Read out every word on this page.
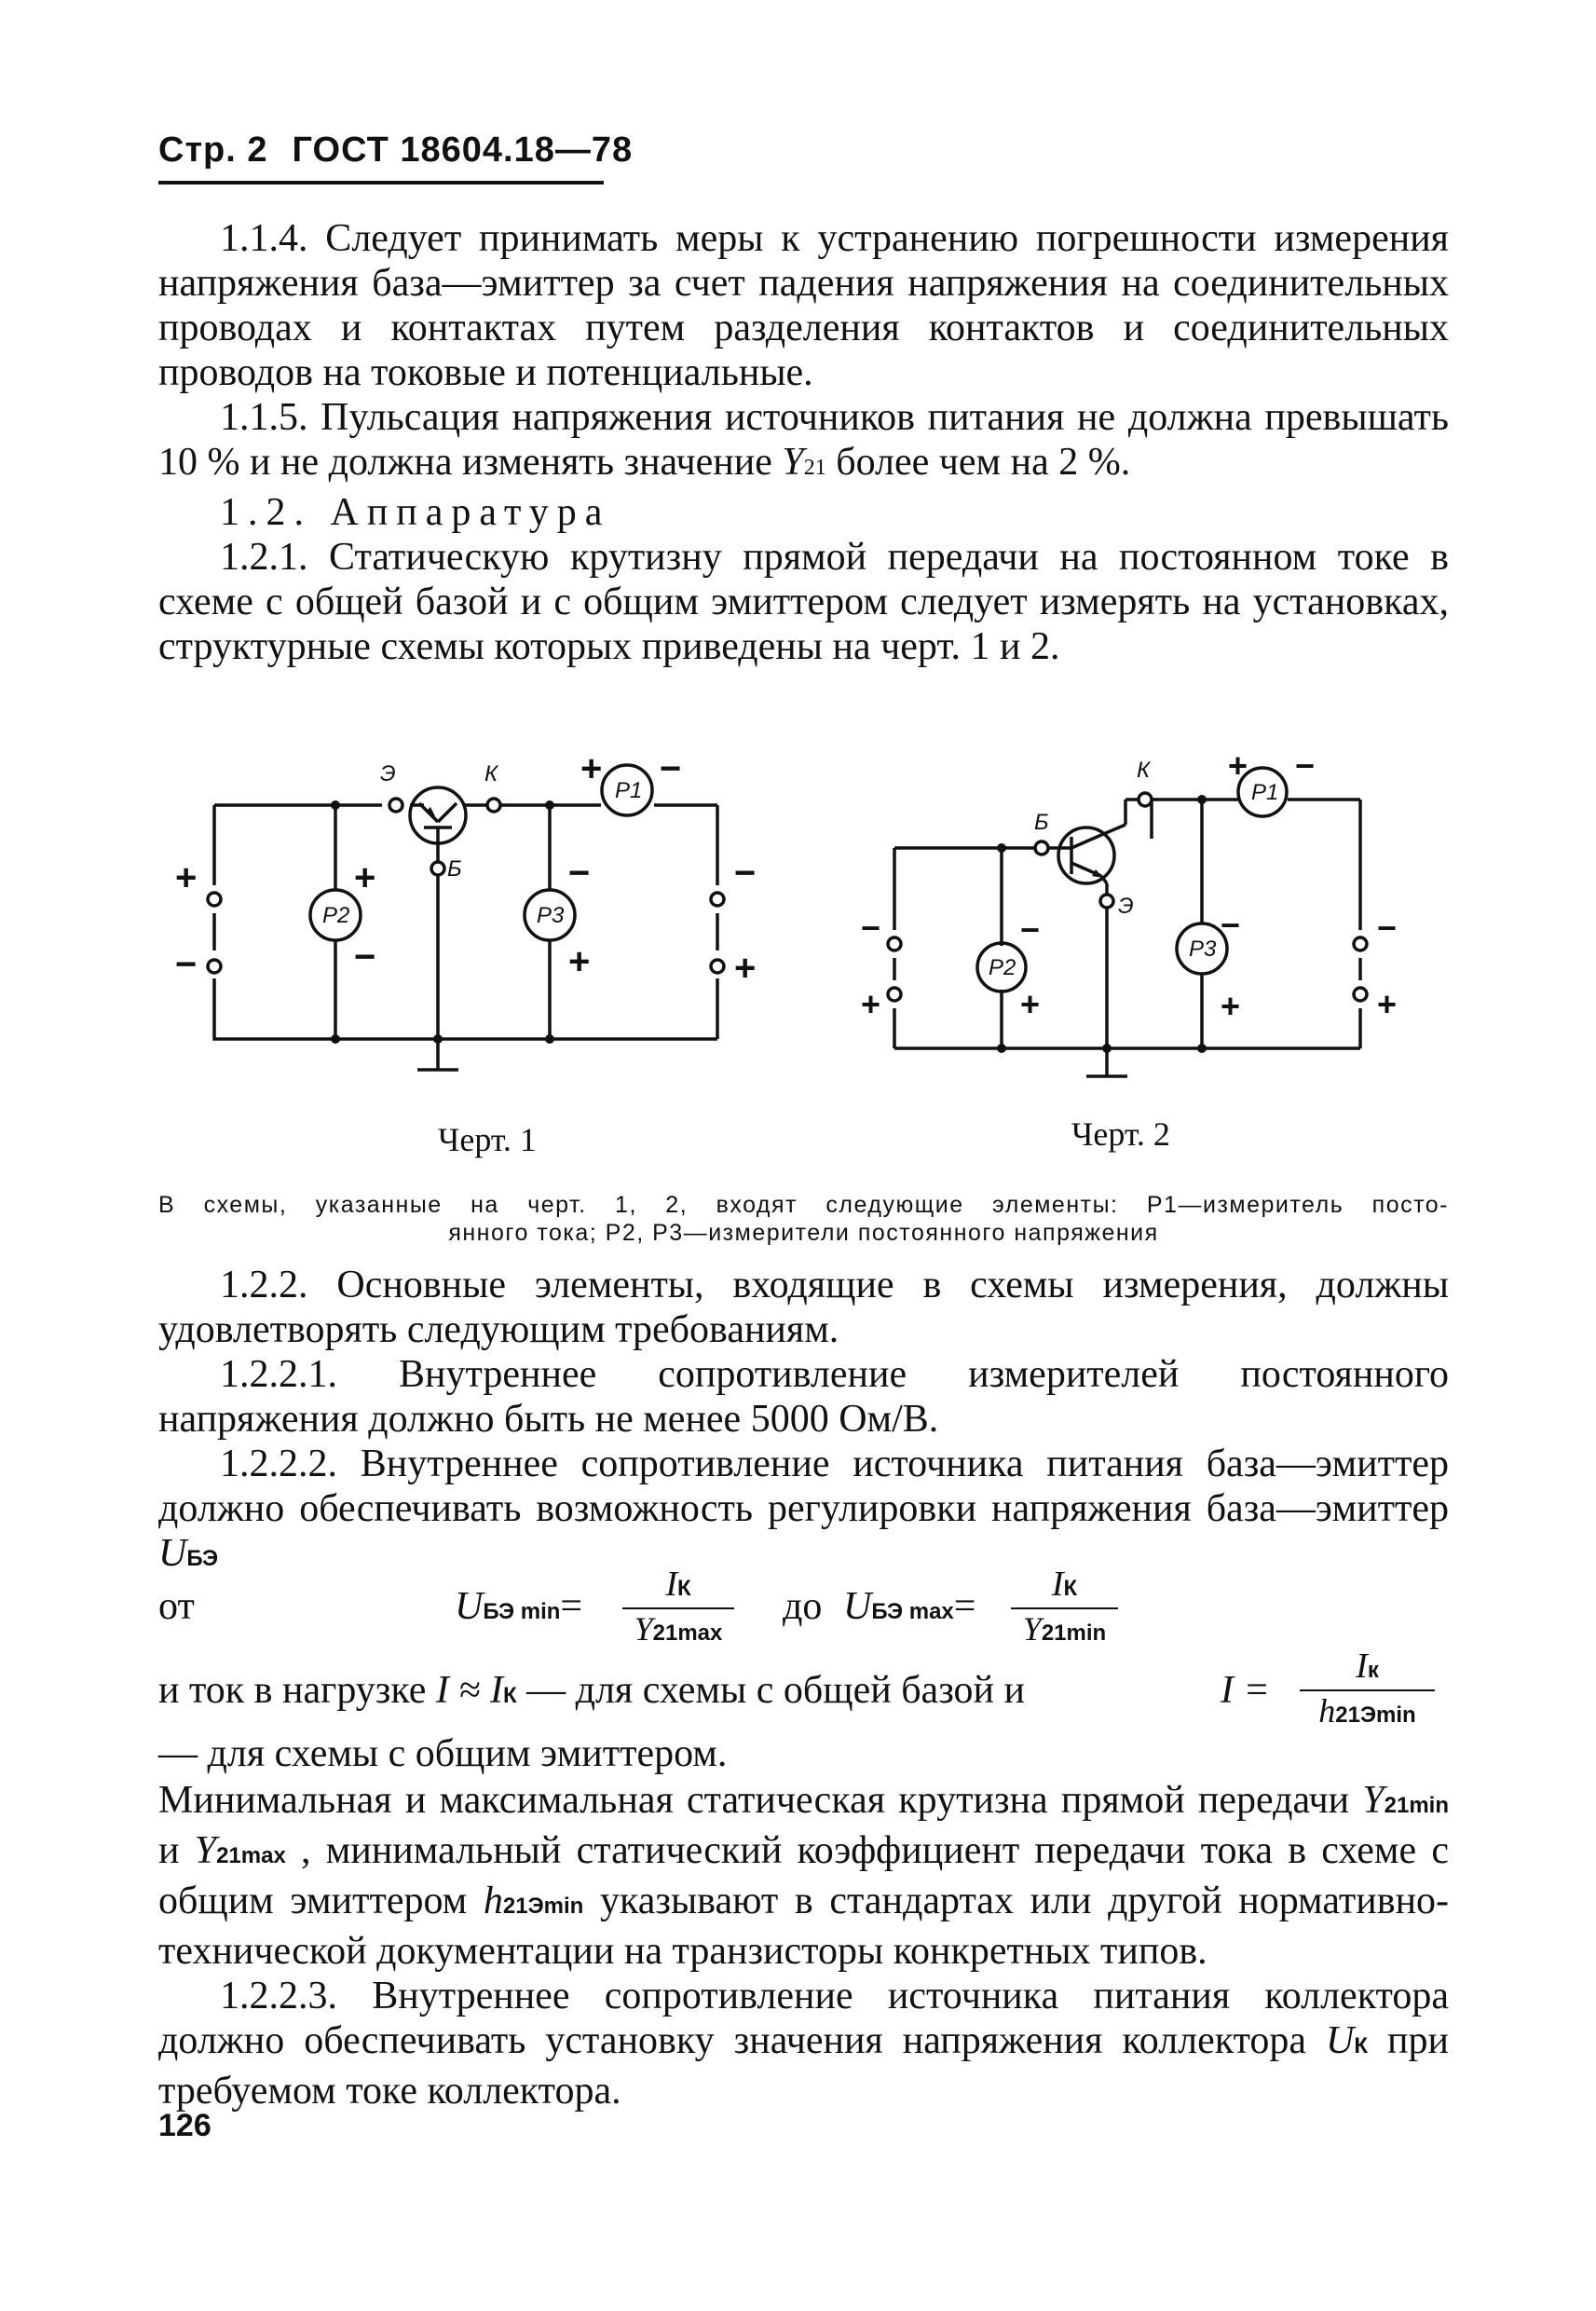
Стр. 2 ГОСТ 18604.18—78

1.1.4. Следует принимать меры к устранению погрешности измерения напряжения база—эмиттер за счет падения напряжения на соединительных проводах и контактах путем разделения контактов и соединительных проводов на токовые и потенциальные.

1.1.5. Пульсация напряжения источников питания не должна превышать 10 % и не должна изменять значение Y21 более чем на 2 %.

1.2. Аппаратура

1.2.1. Статическую крутизну прямой передачи на постоянном токе в схеме с общей базой и с общим эмиттером следует измерять на установках, структурные схемы которых приведены на черт. 1 и 2.

Э	К
Б
P1
P2	P3
+ −
+
−
+
−
−
+
−
+
К
Б
Э
P1
P2
P3
+ −
−
+
−
+
−
+
−
+
Черт. 1	Черт. 2
В схемы, указанные на черт. 1, 2, входят следующие элементы: P1—измеритель посто-
янного тока; P2, P3—измерители постоянного напряжения

1.2.2. Основные элементы, входящие в схемы измерения, должны удовлетворять следующим требованиям.

1.2.2.1. Внутреннее сопротивление измерителей постоянного напряжения должно быть не менее 5000 Ом/В.

1.2.2.2. Внутреннее сопротивление источника питания база—эмиттер должно обеспечивать возможность регулировки напряжения база—эмиттер UБЭ

от	UБЭ min=
IК
Y21max
до UБЭ max=
IК
Y21min
и ток в нагрузке I ≈ IК — для схемы с общей базой и	I =
Iк
h21Эmin
— для схемы с общим эмиттером.

Минимальная и максимальная статическая крутизна прямой передачи Y21min и Y21max , минимальный статический коэффициент передачи тока в схеме с общим эмиттером h21Эmin указывают в стандартах или другой нормативно-технической документации на транзисторы конкретных типов.

1.2.2.3. Внутреннее сопротивление источника питания коллектора должно обеспечивать установку значения напряжения коллектора UК при требуемом токе коллектора.

126
